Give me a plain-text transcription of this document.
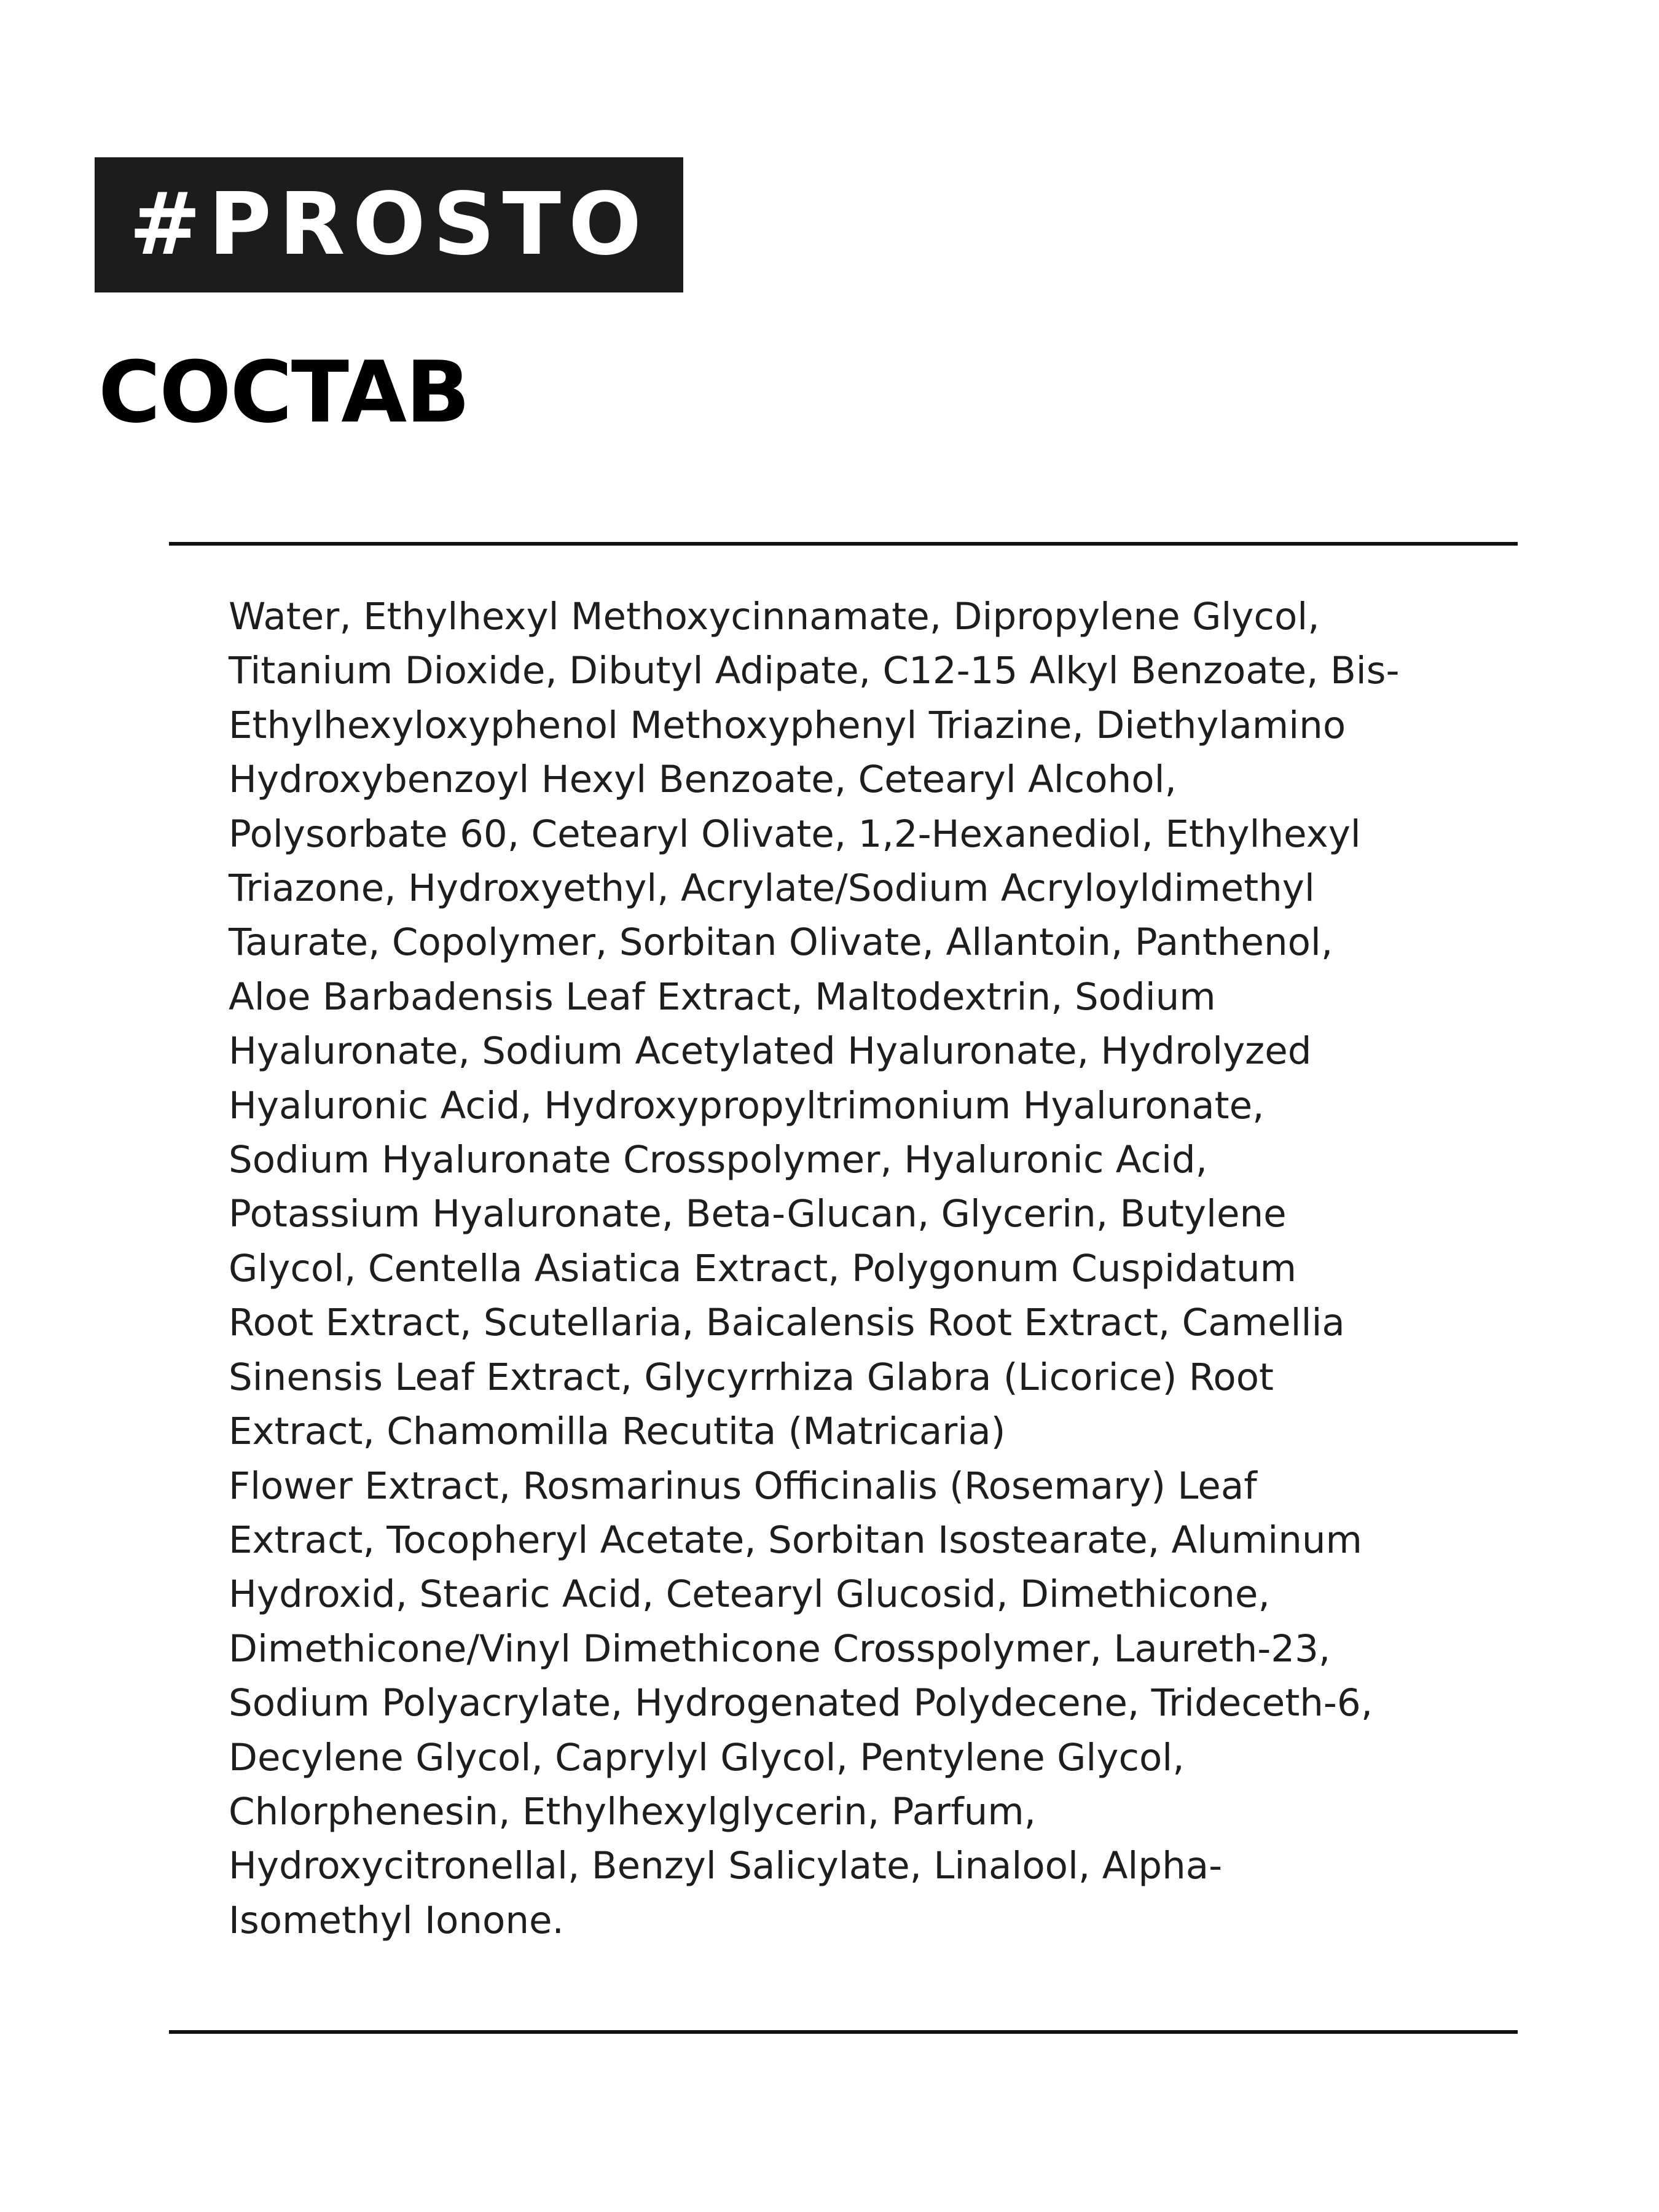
#PROSTO
COCTAB

Water, Ethylhexyl Methoxycinnamate, Dipropylene Glycol,
Titanium Dioxide, Dibutyl Adipate, C12-15 Alkyl Benzoate, Bis-
Ethylhexyloxyphenol Methoxyphenyl Triazine, Diethylamino
Hydroxybenzoyl Hexyl Benzoate, Cetearyl Alcohol,
Polysorbate 60, Cetearyl Olivate, 1,2-Hexanediol, Ethylhexyl
Triazone, Hydroxyethyl, Acrylate/Sodium Acryloyldimethyl
Taurate, Copolymer, Sorbitan Olivate, Allantoin, Panthenol,
Aloe Barbadensis Leaf Extract, Maltodextrin, Sodium
Hyaluronate, Sodium Acetylated Hyaluronate, Hydrolyzed
Hyaluronic Acid, Hydroxypropyltrimonium Hyaluronate,
Sodium Hyaluronate Crosspolymer, Hyaluronic Acid,
Potassium Hyaluronate, Beta-Glucan, Glycerin, Butylene
Glycol, Centella Asiatica Extract, Polygonum Cuspidatum
Root Extract, Scutellaria, Baicalensis Root Extract, Camellia
Sinensis Leaf Extract, Glycyrrhiza Glabra (Licorice) Root
Extract, Chamomilla Recutita (Matricaria)
Flower Extract, Rosmarinus Officinalis (Rosemary) Leaf
Extract, Tocopheryl Acetate, Sorbitan Isostearate, Aluminum
Hydroxid, Stearic Acid, Cetearyl Glucosid, Dimethicone,
Dimethicone/Vinyl Dimethicone Crosspolymer, Laureth-23,
Sodium Polyacrylate, Hydrogenated Polydecene, Trideceth-6,
Decylene Glycol, Caprylyl Glycol, Pentylene Glycol,
Chlorphenesin, Ethylhexylglycerin, Parfum,
Hydroxycitronellal, Benzyl Salicylate, Linalool, Alpha-
Isomethyl Ionone.
